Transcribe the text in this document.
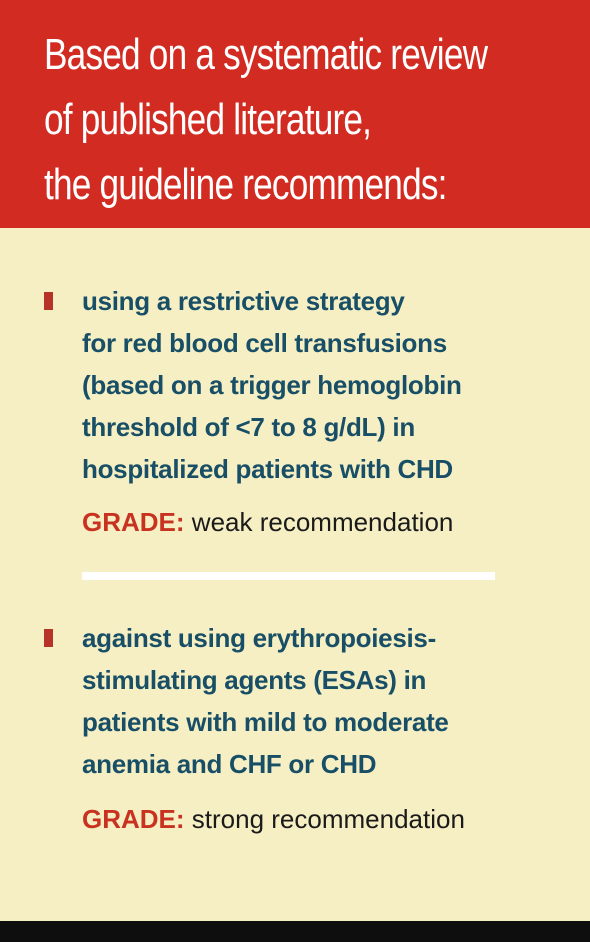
Based on a systematic review
of published literature,
the guideline recommends:

using a restrictive strategy
for red blood cell transfusions
(based on a trigger hemoglobin
threshold of <7 to 8 g/dL) in
hospitalized patients with CHD

GRADE: weak recommendation

against using erythropoiesis-
stimulating agents (ESAs) in
patients with mild to moderate
anemia and CHF or CHD

GRADE: strong recommendation
